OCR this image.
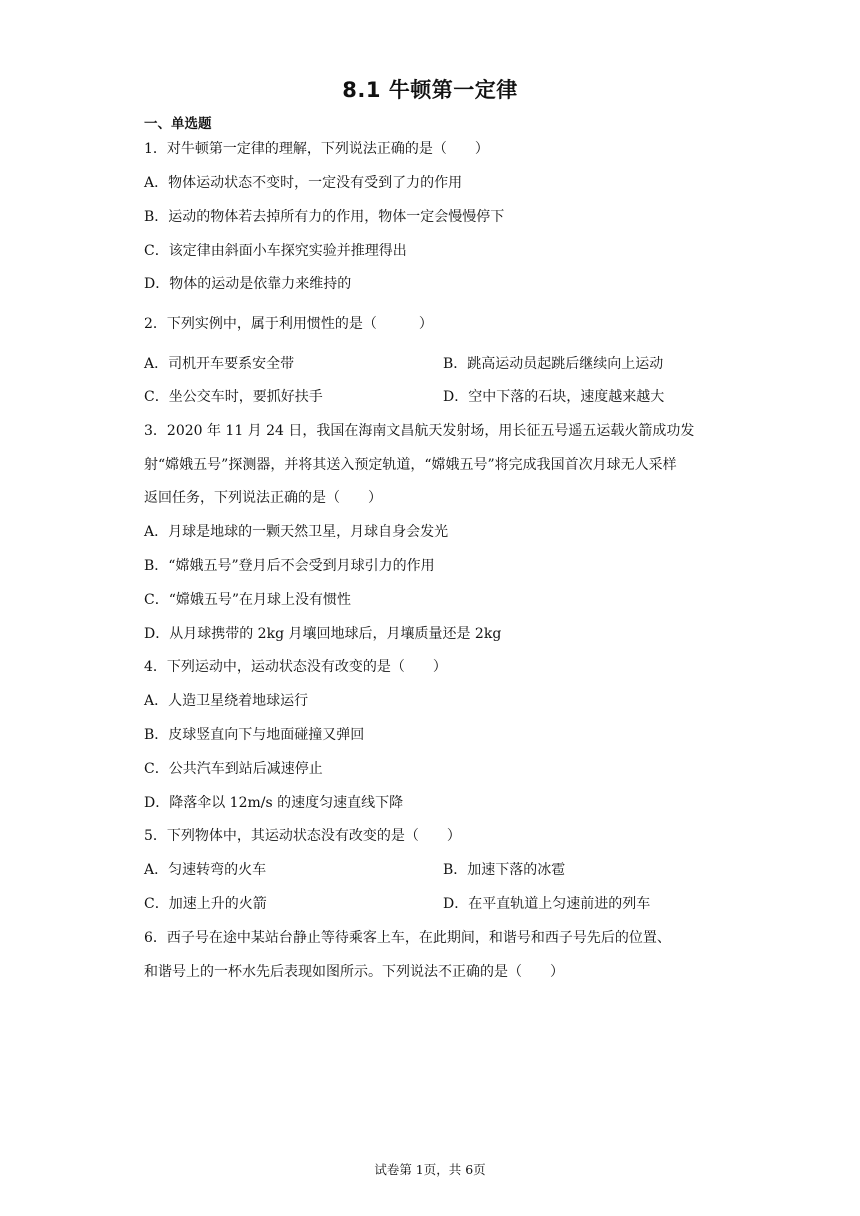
8.1 牛顿第一定律
一、单选题
1．对牛顿第一定律的理解，下列说法正确的是（　　）
A．物体运动状态不变时，一定没有受到了力的作用
B．运动的物体若去掉所有力的作用，物体一定会慢慢停下
C．该定律由斜面小车探究实验并推理得出
D．物体的运动是依靠力来维持的
2．下列实例中，属于利用惯性的是（　　　）
A．司机开车要系安全带	B．跳高运动员起跳后继续向上运动
C．坐公交车时，要抓好扶手	D．空中下落的石块，速度越来越大
3．2020 年 11 月 24 日，我国在海南文昌航天发射场，用长征五号遥五运载火箭成功发
射“嫦娥五号”探测器，并将其送入预定轨道，“嫦娥五号”将完成我国首次月球无人采样
返回任务，下列说法正确的是（　　）
A．月球是地球的一颗天然卫星，月球自身会发光
B．“嫦娥五号”登月后不会受到月球引力的作用
C．“嫦娥五号”在月球上没有惯性
D．从月球携带的 2kg 月壤回地球后，月壤质量还是 2kg
4．下列运动中，运动状态没有改变的是（　　）
A．人造卫星绕着地球运行
B．皮球竖直向下与地面碰撞又弹回
C．公共汽车到站后减速停止
D．降落伞以 12m/s 的速度匀速直线下降
5．下列物体中，其运动状态没有改变的是（　　）
A．匀速转弯的火车	B．加速下落的冰雹
C．加速上升的火箭	D．在平直轨道上匀速前进的列车
6．西子号在途中某站台静止等待乘客上车，在此期间，和谐号和西子号先后的位置、
和谐号上的一杯水先后表现如图所示。下列说法不正确的是（　　）
试卷第 1页，共 6页
